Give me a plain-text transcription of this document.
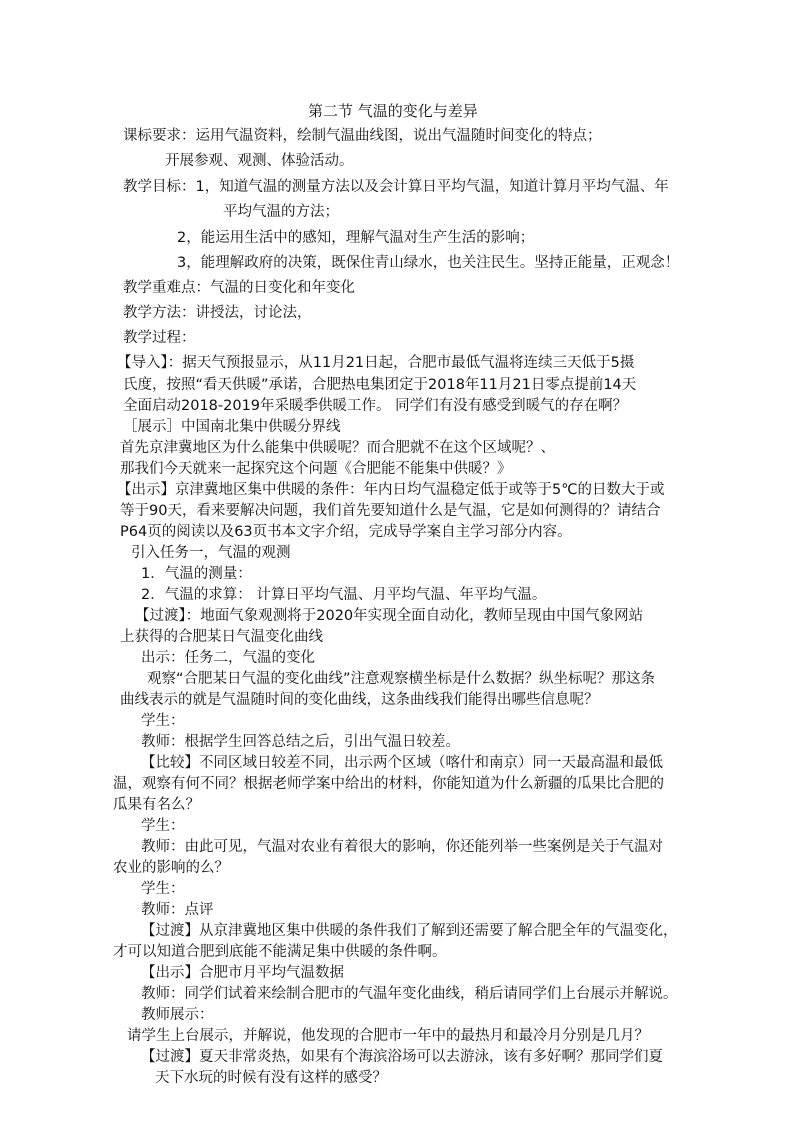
第二节 气温的变化与差异
课标要求：运用气温资料，绘制气温曲线图，说出气温随时间变化的特点；
开展参观、观测、体验活动。
教学目标：1，知道气温的测量方法以及会计算日平均气温，知道计算月平均气温、年
平均气温的方法；
2，能运用生活中的感知，理解气温对生产生活的影响；
3，能理解政府的决策，既保住青山绿水，也关注民生。坚持正能量，正观念！
教学重难点：气温的日变化和年变化
教学方法：讲授法，讨论法，
教学过程：
【导入】：据天气预报显示，从11月21日起，合肥市最低气温将连续三天低于5摄
氏度，按照“看天供暖”承诺，合肥热电集团定于2018年11月21日零点提前14天
全面启动2018-2019年采暖季供暖工作。 同学们有没有感受到暖气的存在啊？
［展示］中国南北集中供暖分界线
首先京津冀地区为什么能集中供暖呢？而合肥就不在这个区域呢？、
那我们今天就来一起探究这个问题《合肥能不能集中供暖？》
【出示】京津冀地区集中供暖的条件：年内日均气温稳定低于或等于5℃的日数大于或
等于90天，看来要解决问题，我们首先要知道什么是气温，它是如何测得的？请结合
P64页的阅读以及63页书本文字介绍，完成导学案自主学习部分内容。
引入任务一，气温的观测
1．气温的测量：
2．气温的求算： 计算日平均气温、月平均气温、年平均气温。
【过渡】：地面气象观测将于2020年实现全面自动化，教师呈现由中国气象网站
上获得的合肥某日气温变化曲线
出示：任务二，气温的变化
观察“合肥某日气温的变化曲线”注意观察横坐标是什么数据？纵坐标呢？那这条
曲线表示的就是气温随时间的变化曲线，这条曲线我们能得出哪些信息呢？
学生：
教师：根据学生回答总结之后，引出气温日较差。
【比较】不同区域日较差不同，出示两个区域（喀什和南京）同一天最高温和最低
温，观察有何不同？根据老师学案中给出的材料，你能知道为什么新疆的瓜果比合肥的
瓜果有名么？
学生：
教师：由此可见，气温对农业有着很大的影响，你还能列举一些案例是关于气温对
农业的影响的么？
学生：
教师：点评
【过渡】从京津冀地区集中供暖的条件我们了解到还需要了解合肥全年的气温变化，
才可以知道合肥到底能不能满足集中供暖的条件啊。
【出示】合肥市月平均气温数据
教师：同学们试着来绘制合肥市的气温年变化曲线，稍后请同学们上台展示并解说。
教师展示：
请学生上台展示，并解说，他发现的合肥市一年中的最热月和最冷月分别是几月？
【过渡】夏天非常炎热，如果有个海滨浴场可以去游泳，该有多好啊？那同学们夏
天下水玩的时候有没有这样的感受？
